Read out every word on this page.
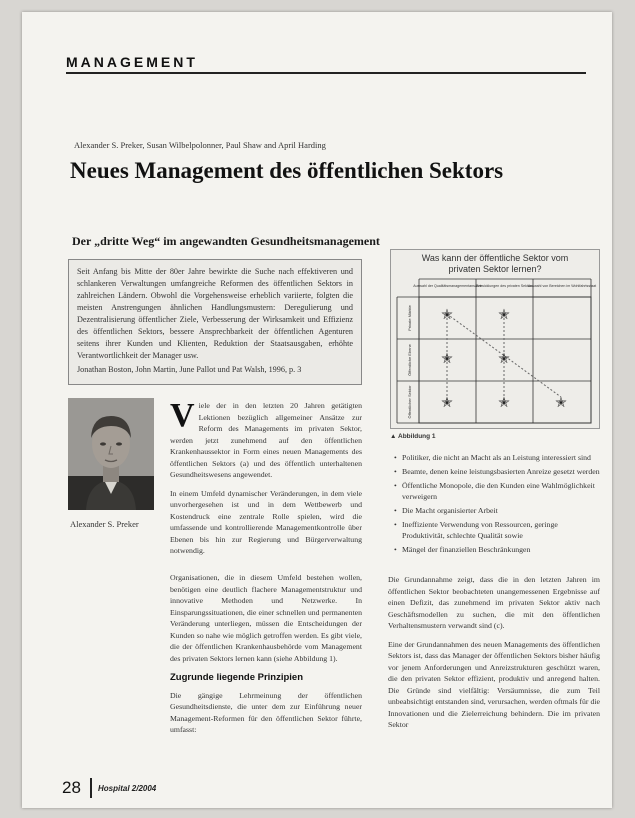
MANAGEMENT
Alexander S. Preker, Susan Wilbelpolonner, Paul Shaw and April Harding
Neues Management des öffentlichen Sektors
Der „dritte Weg“ im angewandten Gesundheitsmanagement

Seit Anfang bis Mitte der 80er Jahre bewirkte die Suche nach effektiveren und schlankeren Verwaltungen umfangreiche Reformen des öffentlichen Sektors in zahlreichen Ländern. Obwohl die Vorgehensweise erheblich variierte, folgten die meisten Anstrengungen ähnlichen Handlungsmustern: Deregulierung und Dezentralisierung öffentlicher Ziele, Verbesserung der Wirksamkeit und Effizienz des öffentlichen Sektors, bessere Ansprechbarkeit der öffentlichen Agenturen seitens ihrer Kunden und Klienten, Reduktion der Staatsausgaben, erhöhte Verantwortlichkeit der Manager usw.

Jonathan Boston, John Martin, June Pallot und Pat Walsh, 1996, p. 3

Alexander S. Preker

Viele der in den letzten 20 Jahren getätigten Lektionen bezüglich allgemeiner Ansätze zur Reform des Managements im privaten Sektor, werden jetzt zunehmend auf den öffentlichen Krankenhaussektor in Form eines neuen Managements des öffentlichen Sektors (a) und des öffentlich unterhaltenen Gesundheitswesens angewendet.

In einem Umfeld dynamischer Veränderungen, in dem viele unvorhergesehen ist und in dem Wettbewerb und Kostendruck eine zentrale Rolle spielen, wird die umfassende und kontrollierende Managementkontrolle über Ebenen bis hin zur Regierung und Bürgerverwaltung notwendig.

Organisationen, die in diesem Umfeld bestehen wollen, benötigen eine deutlich flachere Managementstruktur und innovative Methoden und Netzwerke. In Einsparungssituationen, die einer schnellen und permanenten Veränderung unterliegen, müssen die Entscheidungen der Kunden so nahe wie möglich getroffen werden. Es gibt viele, die der öffentlichen Krankenhausbehörde vom Management des privaten Sektors lernen kann (siehe Abbildung 1).

Zugrunde liegende Prinzipien

Die gängige Lehrmeinung der öffentlichen Gesundheitsdienste, die unter dem zur Einführung neuer Management-Reformen für den öffentlichen Sektor führte, umfasst:

Was kann der öffentliche Sektor vom
privaten Sektor lernen?
✭	✭
✭	✭
✭	✭	✭
Auswahl der Qualitätsmanagementansätze
Entwicklungen des privaten Sektors
Auswahl von Bereichen im Wohlfahrtsstaat
Private Märkte
Öffentliche Ebene
Öffentlicher Sektor
▲ Abbildung 1
• Politiker, die nicht an Macht als an Leistung interessiert sind
• Beamte, denen keine leistungsbasierten Anreize gesetzt werden
• Öffentliche Monopole, die den Kunden eine Wahlmöglichkeit verweigern
• Die Macht organisierter Arbeit
• Ineffiziente Verwendung von Ressourcen, geringe Produktivität, schlechte Qualität sowie
• Mängel der finanziellen Beschränkungen

Die Grundannahme zeigt, dass die in den letzten Jahren im öffentlichen Sektor beobachteten unangemessenen Ergebnisse auf einen Defizit, das zunehmend im privaten Sektor aktiv nach Geschäftsmodellen zu suchen, die mit den öffentlichen Verhaltensmustern verwandt sind (c).

Eine der Grundannahmen des neuen Managements des öffentlichen Sektors ist, dass das Manager der öffentlichen Sektors bisher häufig vor jenem Anforderungen und Anreizstrukturen geschützt waren, die den privaten Sektor effizient, produktiv und anregend halten. Die Gründe sind vielfältig: Versäumnisse, die zum Teil unbeabsichtigt entstanden sind, verursachen, werden oftmals für die Innovationen und die Zielerreichung behindern. Die im privaten Sektor

28 Hospital 2/2004
